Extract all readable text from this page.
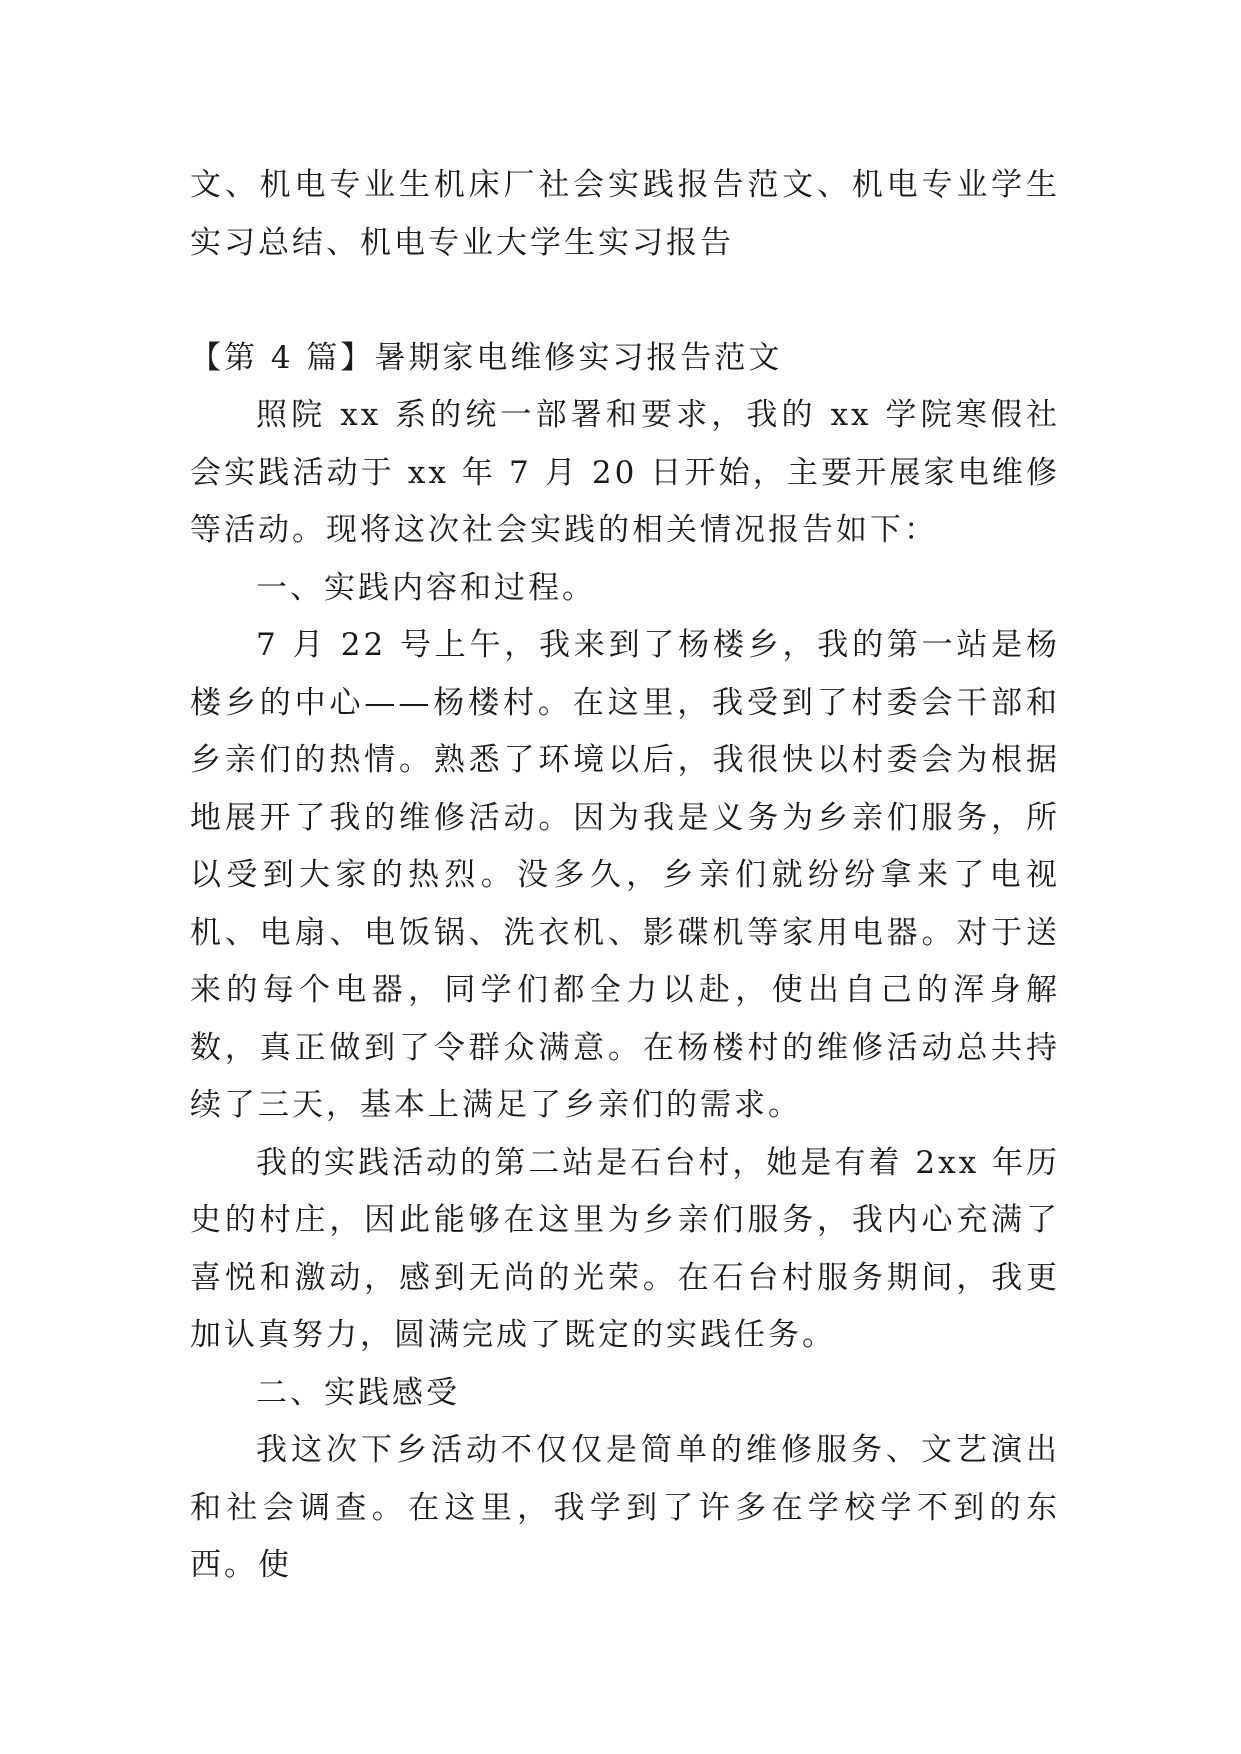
文、机电专业生机床厂社会实践报告范文、机电专业学生实习总结、机电专业大学生实习报告

【第 4 篇】暑期家电维修实习报告范文

照院 xx 系的统一部署和要求，我的 xx 学院寒假社会实践活动于 xx 年 7 月 20 日开始，主要开展家电维修等活动。现将这次社会实践的相关情况报告如下：

一、实践内容和过程。

7 月 22 号上午，我来到了杨楼乡，我的第一站是杨楼乡的中心——杨楼村。在这里，我受到了村委会干部和乡亲们的热情。熟悉了环境以后，我很快以村委会为根据地展开了我的维修活动。因为我是义务为乡亲们服务，所以受到大家的热烈。没多久，乡亲们就纷纷拿来了电视机、电扇、电饭锅、洗衣机、影碟机等家用电器。对于送来的每个电器，同学们都全力以赴，使出自己的浑身解数，真正做到了令群众满意。在杨楼村的维修活动总共持续了三天，基本上满足了乡亲们的需求。

我的实践活动的第二站是石台村，她是有着 2xx 年历史的村庄，因此能够在这里为乡亲们服务，我内心充满了喜悦和激动，感到无尚的光荣。在石台村服务期间，我更加认真努力，圆满完成了既定的实践任务。

二、实践感受

我这次下乡活动不仅仅是简单的维修服务、文艺演出和社会调查。在这里，我学到了许多在学校学不到的东西。使
